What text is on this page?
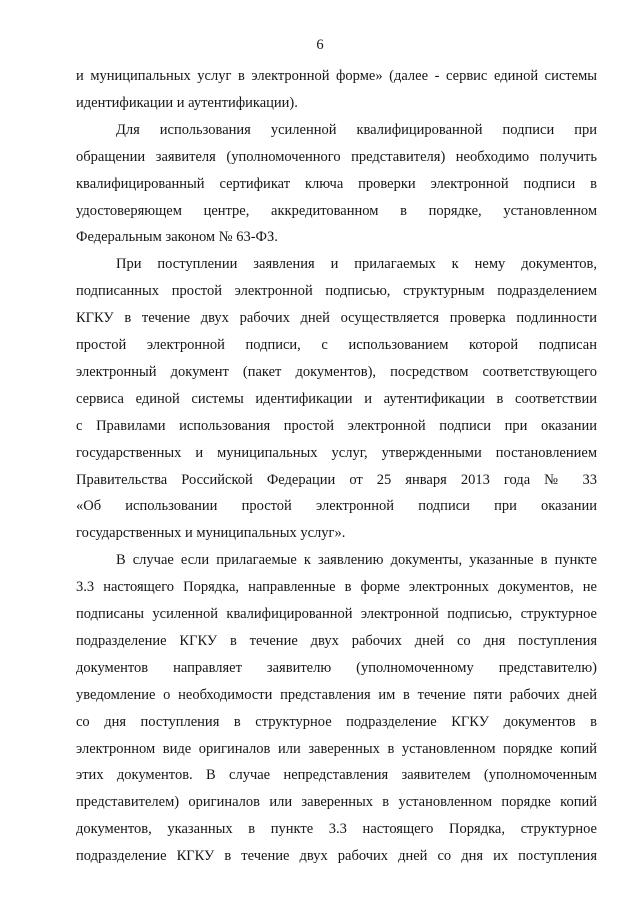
6
и муниципальных услуг в электронной форме» (далее - сервис единой системы
идентификации и аутентификации).
Для использования усиленной квалифицированной подписи при
обращении заявителя (уполномоченного представителя) необходимо получить
квалифицированный сертификат ключа проверки электронной подписи в
удостоверяющем центре, аккредитованном в порядке, установленном
Федеральным законом № 63-ФЗ.
При поступлении заявления и прилагаемых к нему документов,
подписанных простой электронной подписью, структурным подразделением
КГКУ в течение двух рабочих дней осуществляется проверка подлинности
простой электронной подписи, с использованием которой подписан
электронный документ (пакет документов), посредством соответствующего
сервиса единой системы идентификации и аутентификации в соответствии
с Правилами использования простой электронной подписи при оказании
государственных и муниципальных услуг, утвержденными постановлением
Правительства Российской Федерации от 25 января 2013 года № 33
«Об использовании простой электронной подписи при оказании
государственных и муниципальных услуг».
В случае если прилагаемые к заявлению документы, указанные в пункте
3.3 настоящего Порядка, направленные в форме электронных документов, не
подписаны усиленной квалифицированной электронной подписью, структурное
подразделение КГКУ в течение двух рабочих дней со дня поступления
документов направляет заявителю (уполномоченному представителю)
уведомление о необходимости представления им в течение пяти рабочих дней
со дня поступления в структурное подразделение КГКУ документов в
электронном виде оригиналов или заверенных в установленном порядке копий
этих документов. В случае непредставления заявителем (уполномоченным
представителем) оригиналов или заверенных в установленном порядке копий
документов, указанных в пункте 3.3 настоящего Порядка, структурное
подразделение КГКУ в течение двух рабочих дней со дня их поступления
